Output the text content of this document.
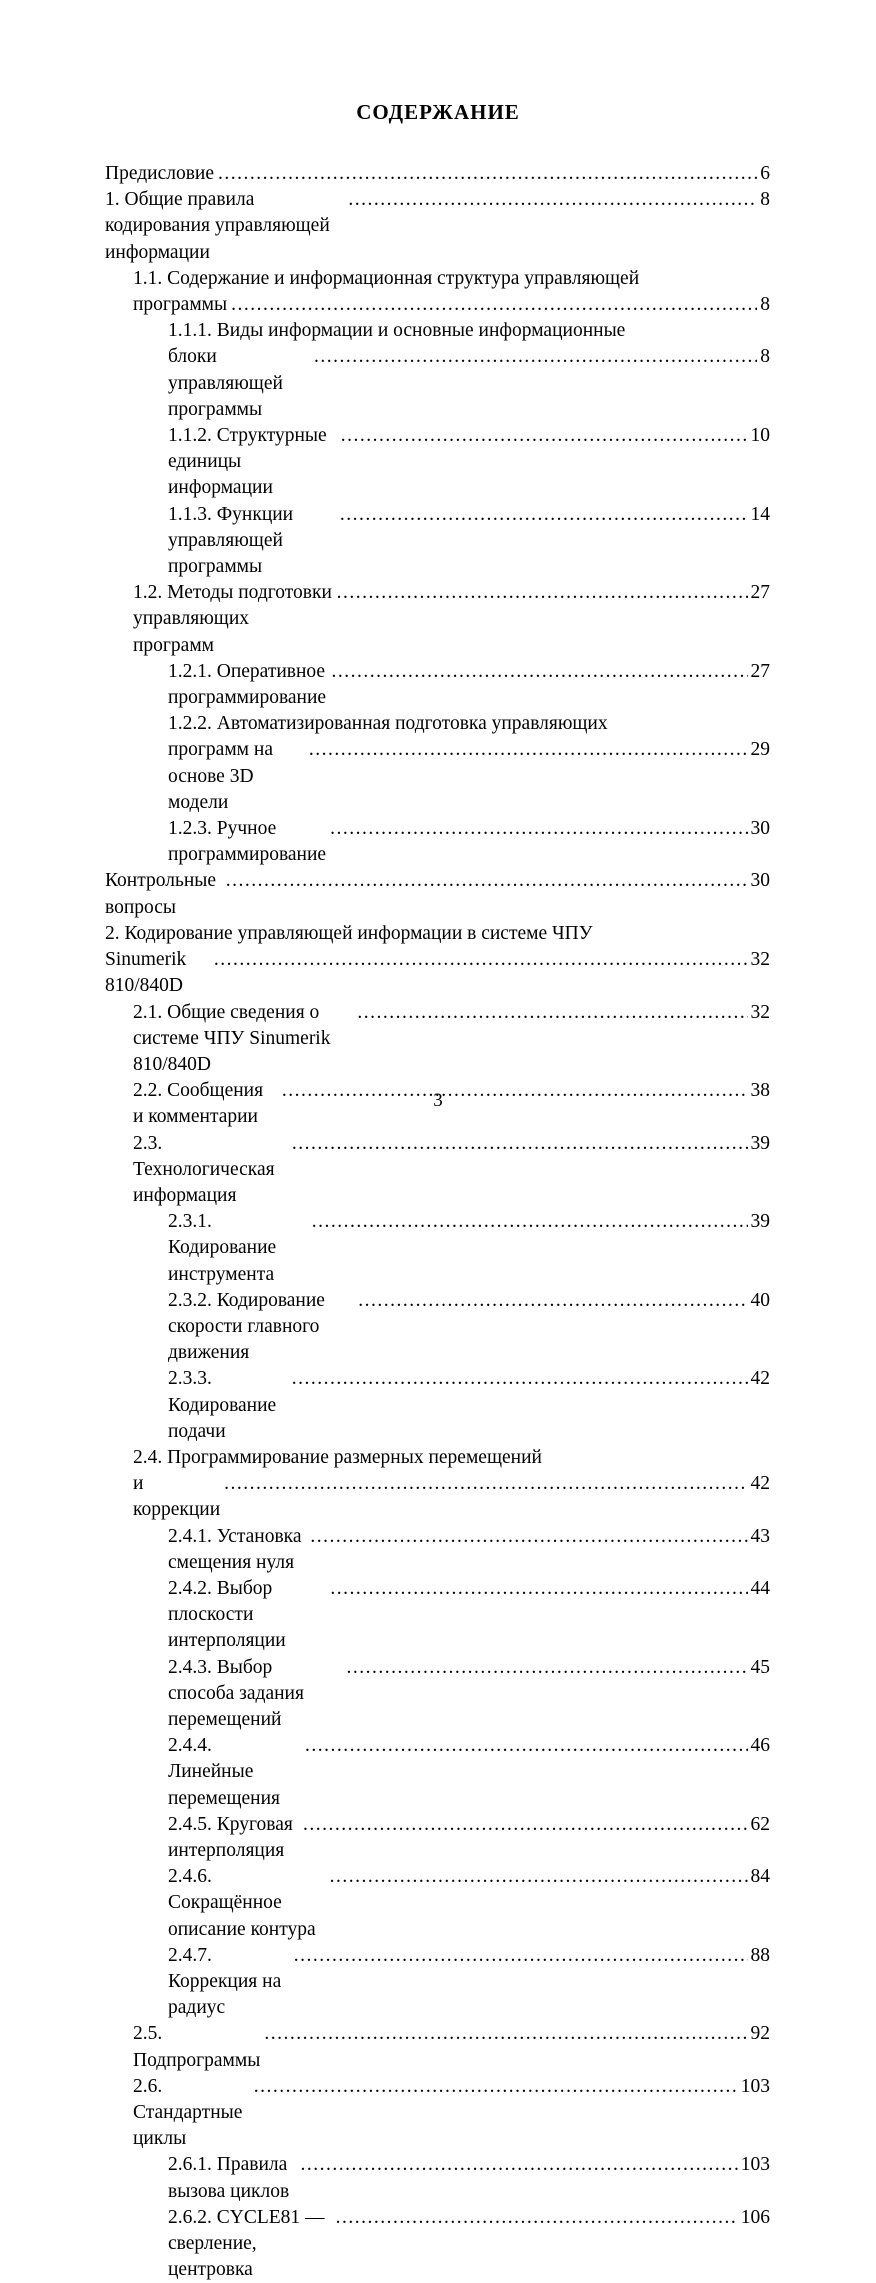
СОДЕРЖАНИЕ
Предисловие .....	6
1. Общие правила кодирования управляющей информации
.....
8
1.1. Содержание и информационная структура управляющей
программы .....	8
1.1.1. Виды информации и основные информационные
блоки управляющей программы
.....
8
1.1.2. Структурные единицы информации
.....
10
1.1.3. Функции управляющей программы
.....
14
1.2. Методы подготовки управляющих программ
.....
27
1.2.1. Оперативное программирование
.....
27
1.2.2. Автоматизированная подготовка управляющих
программ на основе 3D модели
.....
29
1.2.3. Ручное программирование
.....
30
Контрольные вопросы
.....
30
2. Кодирование управляющей информации в системе ЧПУ
Sinumerik 810/840D
.....
32
2.1. Общие сведения о системе ЧПУ Sinumerik 810/840D
.....
32
2.2. Сообщения и комментарии
.....
38
2.3. Технологическая информация
.....
39
2.3.1. Кодирование инструмента
.....
39
2.3.2. Кодирование скорости главного движения
.....
40
2.3.3. Кодирование подачи
.....
42
2.4. Программирование размерных перемещений
и коррекции
.....
42
2.4.1. Установка смещения нуля
.....
43
2.4.2. Выбор плоскости интерполяции
.....
44
2.4.3. Выбор способа задания перемещений
.....
45
2.4.4. Линейные перемещения
.....
46
2.4.5. Круговая интерполяция
.....
62
2.4.6. Сокращённое описание контура
.....
84
2.4.7. Коррекция на радиус
.....
88
2.5. Подпрограммы
.....
92
2.6. Стандартные циклы
.....
103
2.6.1. Правила вызова циклов
.....
103
2.6.2. CYCLE81 — сверление, центровка
.....
106
3
